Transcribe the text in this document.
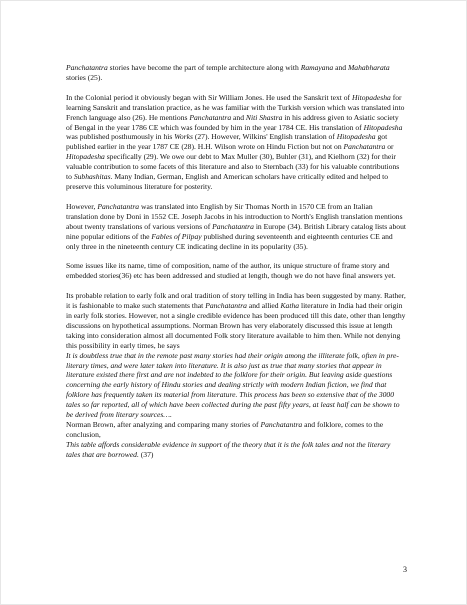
Panchatantra stories have become the part of temple architecture along with Ramayana and Mahabharata stories (25).

In the Colonial period it obviously began with Sir William Jones. He used the Sanskrit text of Hitopadesha for learning Sanskrit and translation practice, as he was familiar with the Turkish version which was translated into French language also (26). He mentions Panchatantra and Niti Shastra in his address given to Asiatic society of Bengal in the year 1786 CE which was founded by him in the year 1784 CE. His translation of Hitopadesha was published posthumously in his Works (27). However, Wilkins' English translation of Hitopadesha got published earlier in the year 1787 CE (28). H.H. Wilson wrote on Hindu Fiction but not on Panchatantra or Hitopadesha specifically (29). We owe our debt to Max Muller (30), Buhler (31), and Kielhorn (32) for their valuable contribution to some facets of this literature and also to Sternbach (33) for his valuable contributions to Subhashitas. Many Indian, German, English and American scholars have critically edited and helped to preserve this voluminous literature for posterity.

However, Panchatantra was translated into English by Sir Thomas North in 1570 CE from an Italian translation done by Doni in 1552 CE. Joseph Jacobs in his introduction to North's English translation mentions about twenty translations of various versions of Panchatantra in Europe (34). British Library catalog lists about nine popular editions of the Fables of Pilpay published during seventeenth and eighteenth centuries CE and only three in the nineteenth century CE indicating decline in its popularity (35).

Some issues like its name, time of composition, name of the author, its unique structure of frame story and embedded stories(36) etc has been addressed and studied at length, though we do not have final answers yet.

Its probable relation to early folk and oral tradition of story telling in India has been suggested by many. Rather, it is fashionable to make such statements that Panchatantra and allied Katha literature in India had their origin in early folk stories. However, not a single credible evidence has been produced till this date, other than lengthy discussions on hypothetical assumptions. Norman Brown has very elaborately discussed this issue at length taking into consideration almost all documented Folk story literature available to him then. While not denying this possibility in early times, he says

It is doubtless true that in the remote past many stories had their origin among the illiterate folk, often in pre-literary times, and were later taken into literature. It is also just as true that many stories that appear in literature existed there first and are not indebted to the folklore for their origin. But leaving aside questions concerning the early history of Hindu stories and dealing strictly with modern Indian fiction, we find that folklore has frequently taken its material from literature. This process has been so extensive that of the 3000 tales so far reported, all of which have been collected during the past fifty years, at least half can be shown to be derived from literary sources….

Norman Brown, after analyzing and comparing many stories of Panchatantra and folklore, comes to the conclusion,

This table affords considerable evidence in support of the theory that it is the folk tales and not the literary tales that are borrowed. (37)

3
